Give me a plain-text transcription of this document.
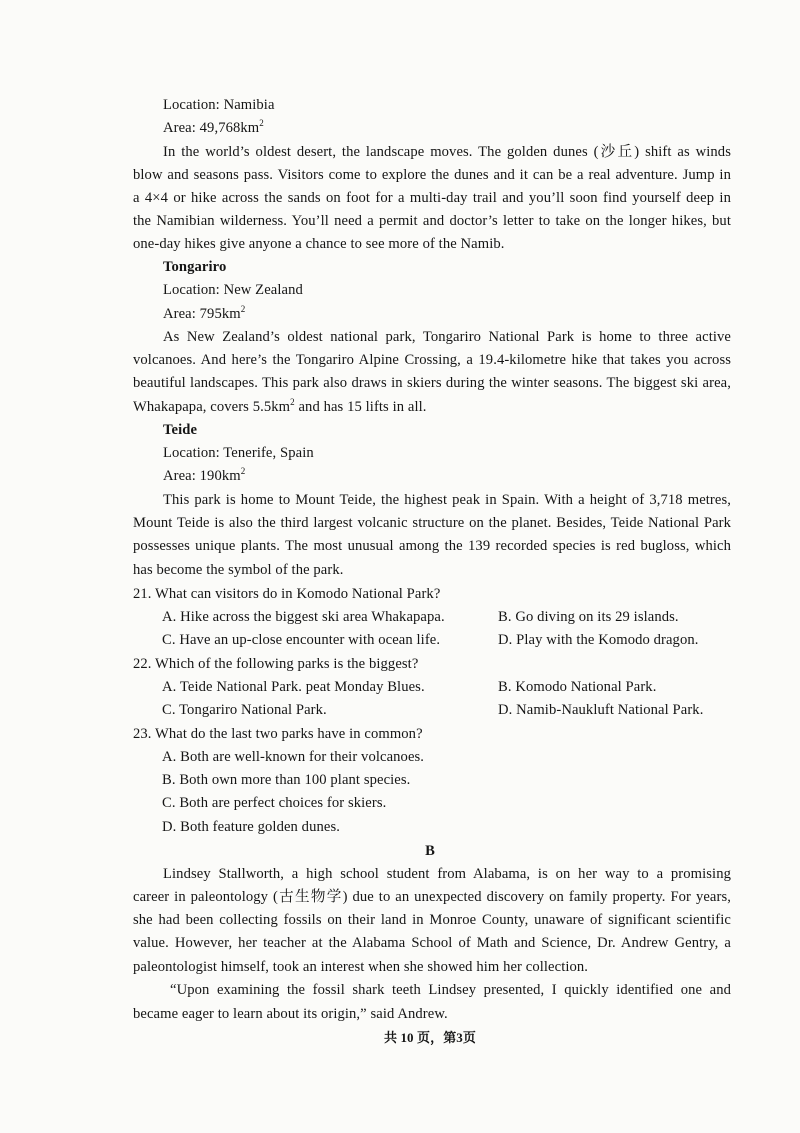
Location: Namibia
Area: $49,768km^2$
In the world’s oldest desert, the landscape moves. The golden dunes (沙丘) shift as winds
blow and seasons pass. Visitors come to explore the dunes and it can be a real adventure. Jump in
a 4×4 or hike across the sands on foot for a multi-day trail and you’ll soon find yourself deep in
the Namibian wilderness. You’ll need a permit and doctor’s letter to take on the longer hikes, but
one-day hikes give anyone a chance to see more of the Namib.
Tongariro
Location: New Zealand
Area: $795km^2$
As New Zealand’s oldest national park, Tongariro National Park is home to three active
volcanoes. And here’s the Tongariro Alpine Crossing, a 19.4-kilometre hike that takes you across
beautiful landscapes. This park also draws in skiers during the winter seasons. The biggest ski area,
Whakapapa, covers $5.5km^2$ and has 15 lifts in all.
Teide
Location: Tenerife, Spain
Area: $190km^2$
This park is home to Mount Teide, the highest peak in Spain. With a height of 3,718 metres,
Mount Teide is also the third largest volcanic structure on the planet. Besides, Teide National Park
possesses unique plants. The most unusual among the 139 recorded species is red bugloss, which
has become the symbol of the park.
21. What can visitors do in Komodo National Park?
A. Hike across the biggest ski area Whakapapa.	B. Go diving on its 29 islands.
C. Have an up-close encounter with ocean life.	D. Play with the Komodo dragon.
22. Which of the following parks is the biggest?
A. Teide National Park. peat Monday Blues.	B. Komodo National Park.
C. Tongariro National Park.	D. Namib-Naukluft National Park.
23. What do the last two parks have in common?
A. Both are well-known for their volcanoes.
B. Both own more than 100 plant species.
C. Both are perfect choices for skiers.
D. Both feature golden dunes.
B
Lindsey Stallworth, a high school student from Alabama, is on her way to a promising
career in paleontology (古生物学) due to an unexpected discovery on family property. For years,
she had been collecting fossils on their land in Monroe County, unaware of significant scientific
value. However, her teacher at the Alabama School of Math and Science, Dr. Andrew Gentry, a
paleontologist himself, took an interest when she showed him her collection.
“Upon examining the fossil shark teeth Lindsey presented, I quickly identified one and
became eager to learn about its origin,” said Andrew.
共 10 页，第3页
